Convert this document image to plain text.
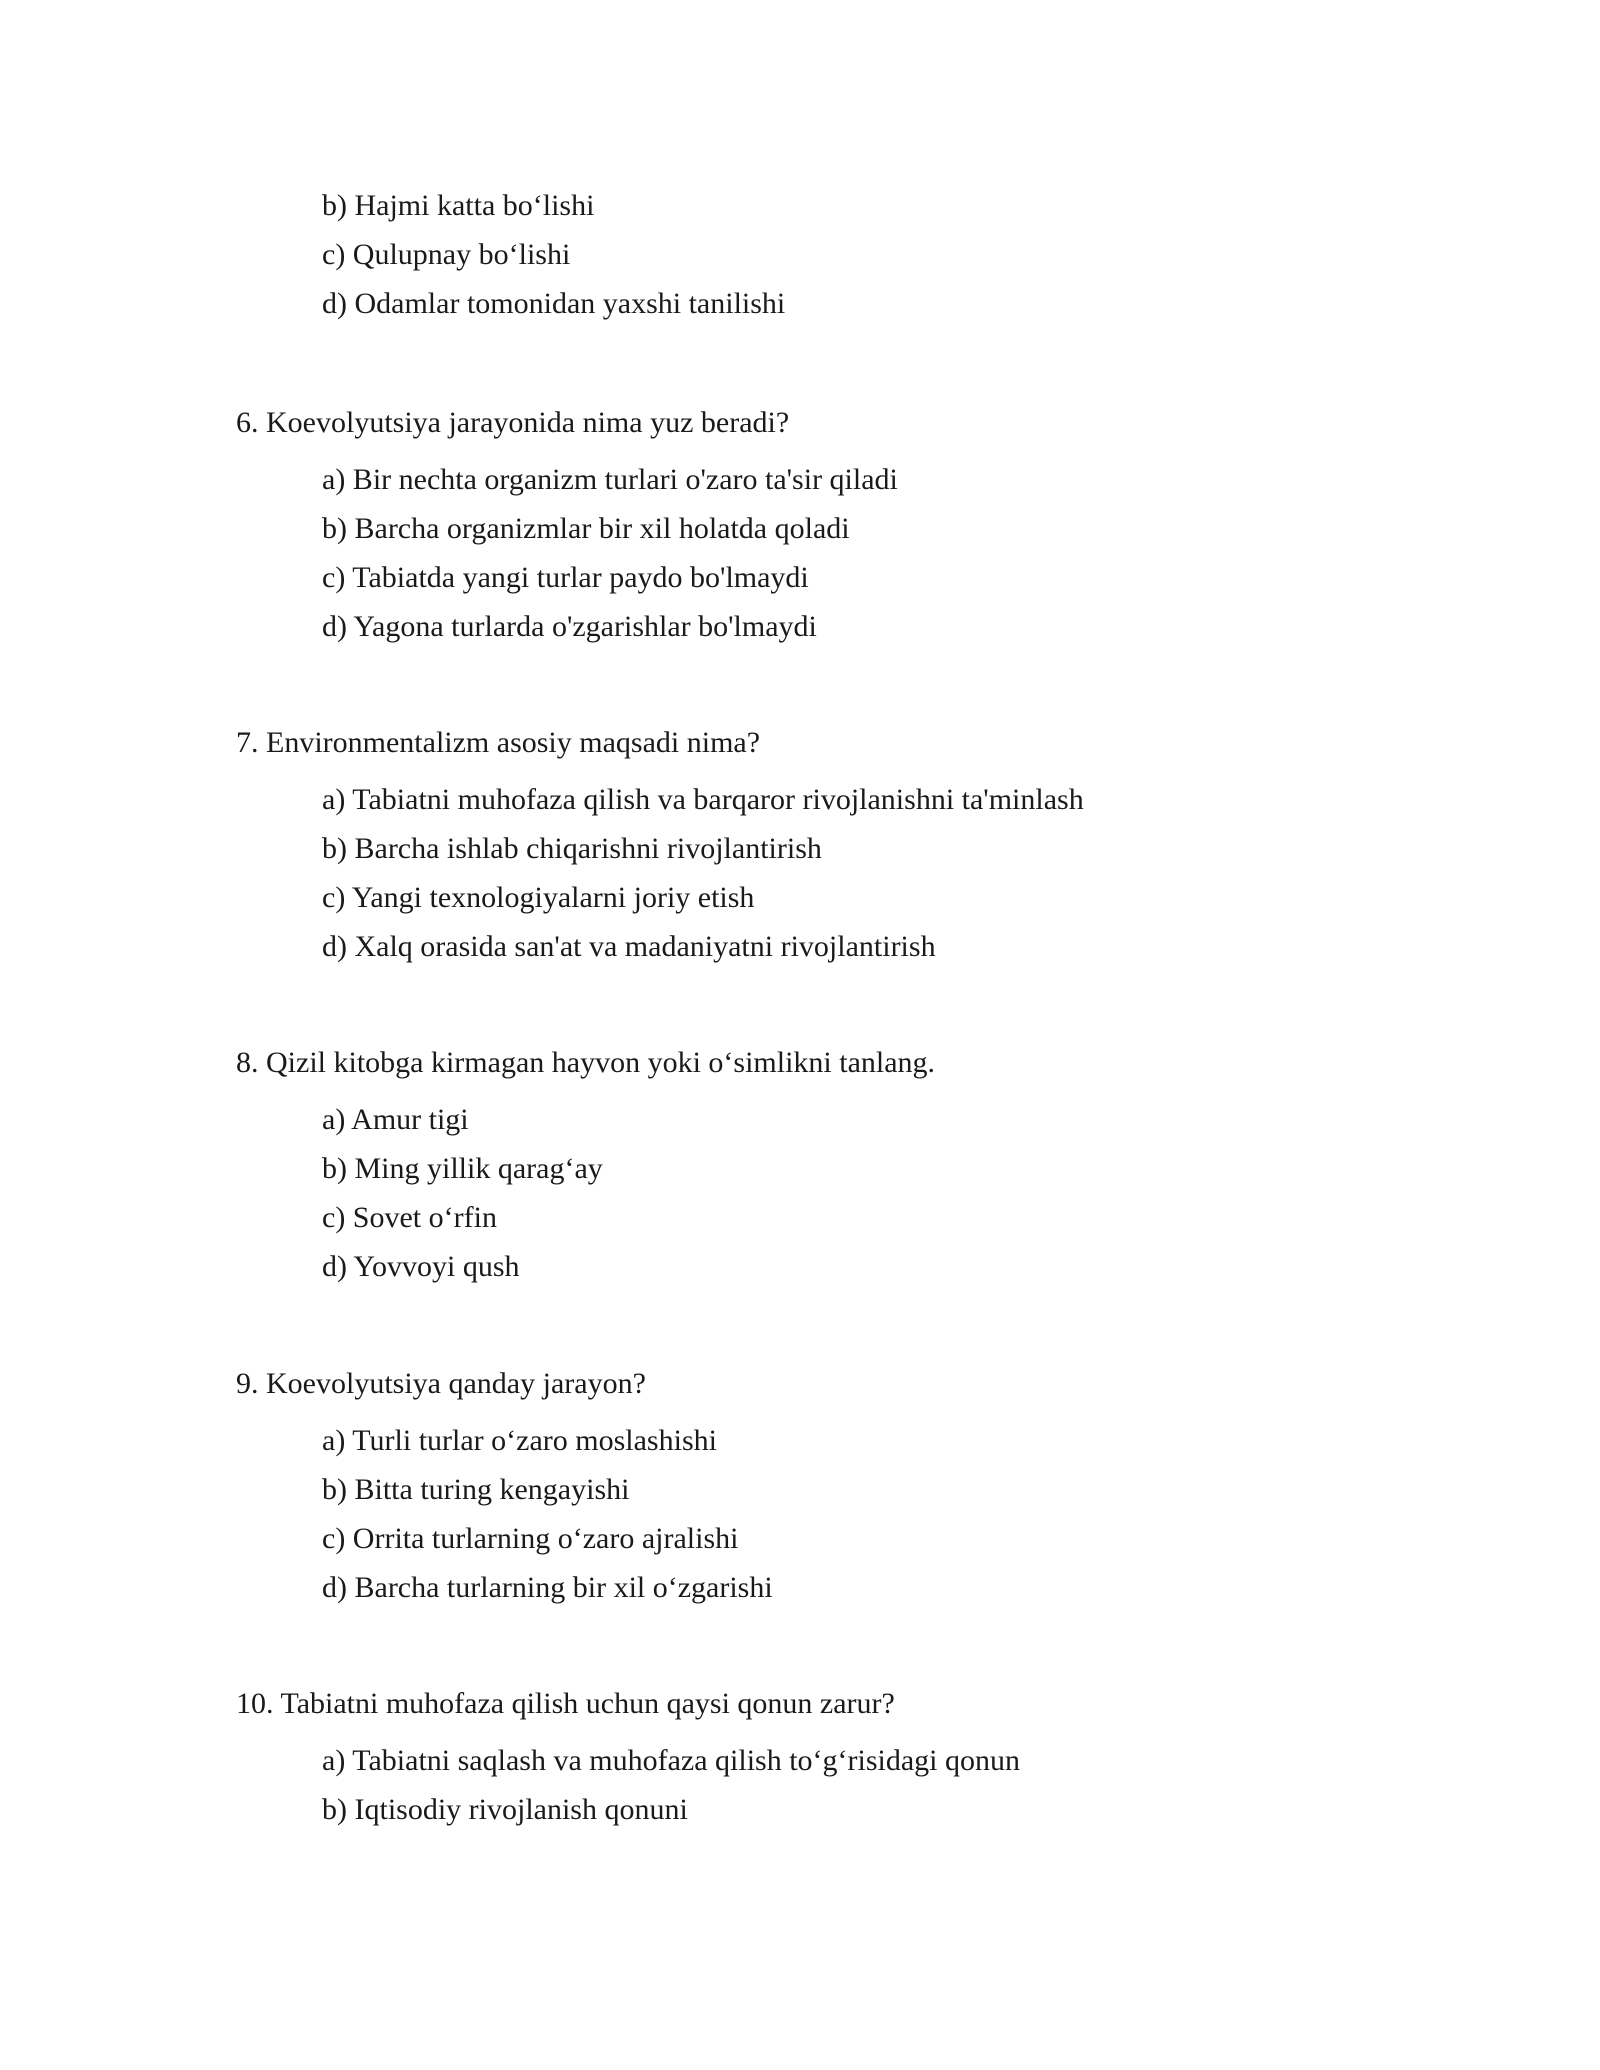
b) Hajmi katta bo‘lishi
c) Qulupnay bo‘lishi
d) Odamlar tomonidan yaxshi tanilishi
6. Koevolyutsiya jarayonida nima yuz beradi?
a) Bir nechta organizm turlari o'zaro ta'sir qiladi
b) Barcha organizmlar bir xil holatda qoladi
c) Tabiatda yangi turlar paydo bo'lmaydi
d) Yagona turlarda o'zgarishlar bo'lmaydi
7. Environmentalizm asosiy maqsadi nima?
a) Tabiatni muhofaza qilish va barqaror rivojlanishni ta'minlash
b) Barcha ishlab chiqarishni rivojlantirish
c) Yangi texnologiyalarni joriy etish
d) Xalq orasida san'at va madaniyatni rivojlantirish
8. Qizil kitobga kirmagan hayvon yoki o‘simlikni tanlang.
a) Amur tigi
b) Ming yillik qarag‘ay
c) Sovet o‘rfin
d) Yovvoyi qush
9. Koevolyutsiya qanday jarayon?
a) Turli turlar o‘zaro moslashishi
b) Bitta turing kengayishi
c) Orrita turlarning o‘zaro ajralishi
d) Barcha turlarning bir xil o‘zgarishi
10. Tabiatni muhofaza qilish uchun qaysi qonun zarur?
a) Tabiatni saqlash va muhofaza qilish to‘g‘risidagi qonun
b) Iqtisodiy rivojlanish qonuni
